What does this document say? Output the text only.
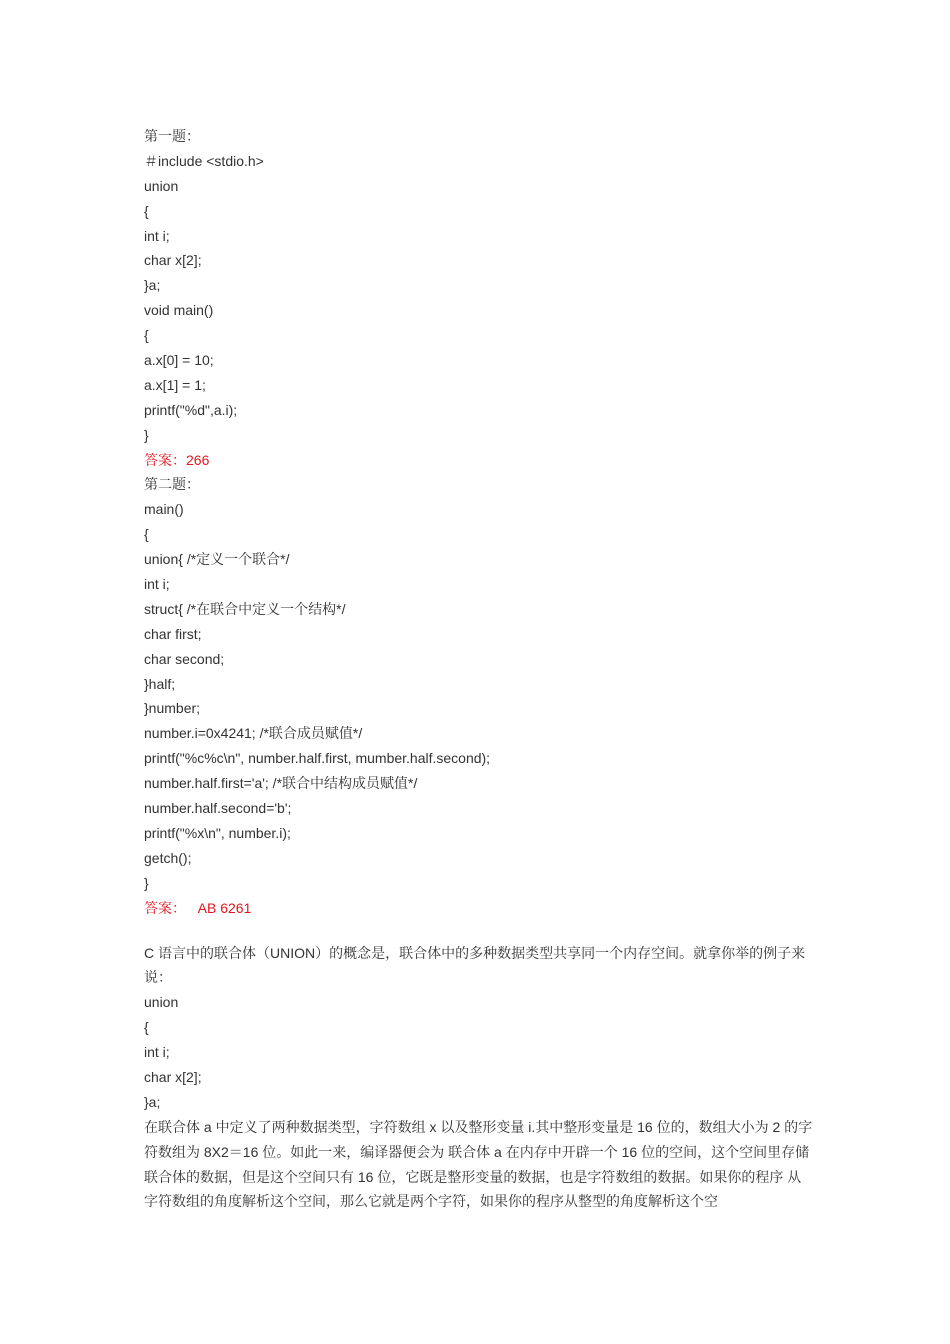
第一题：
＃include <stdio.h>
union
{
int i;
char x[2];
}a;
void main()
{
a.x[0] = 10;
a.x[1] = 1;
printf("%d",a.i);
}
答案：266
第二题：
main()
{
union{ /*定义一个联合*/
int i;
struct{ /*在联合中定义一个结构*/
char first;
char second;
}half;
}number;
number.i=0x4241; /*联合成员赋值*/
printf("%c%c\n", number.half.first, mumber.half.second);
number.half.first='a'; /*联合中结构成员赋值*/
number.half.second='b';
printf("%x\n", number.i);
getch();
}
答案：   AB 6261
C 语言中的联合体（UNION）的概念是，联合体中的多种数据类型共享同一个内存空间。就拿你举的例子来说：
union
{
int i;
char x[2];
}a;
在联合体 a 中定义了两种数据类型，字符数组 x 以及整形变量 i.其中整形变量是 16 位的，数组大小为 2 的字符数组为 8X2＝16 位。如此一来，编译器便会为 联合体 a 在内存中开辟一个 16 位的空间，这个空间里存储联合体的数据，但是这个空间只有 16 位，它既是整形变量的数据，也是字符数组的数据。如果你的程序 从字符数组的角度解析这个空间，那么它就是两个字符，如果你的程序从整型的角度解析这个空
